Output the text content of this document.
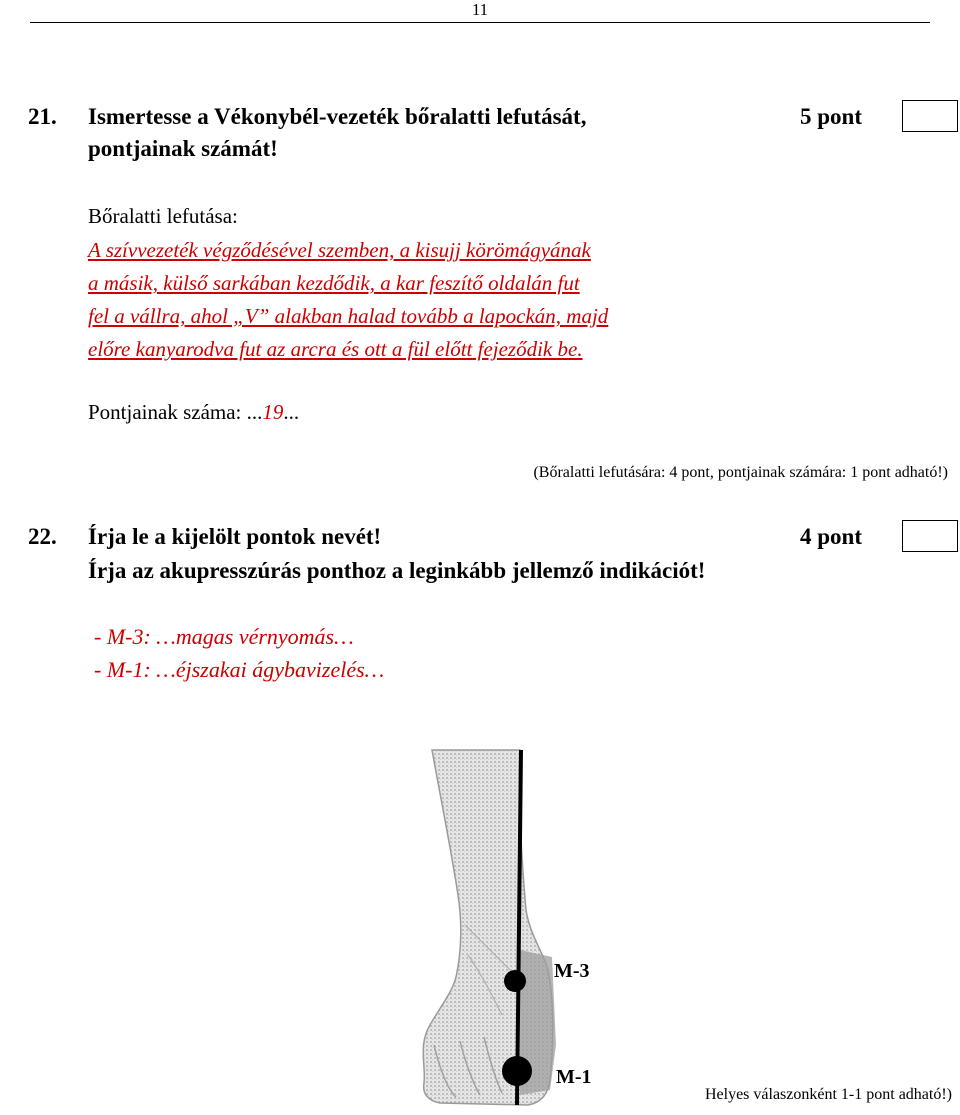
11
21. Ismertesse a Vékonybél-vezeték bőralatti lefutását,
pontjainak számát!
5 pont
Bőralatti lefutása:
A szívvezeték végződésével szemben, a kisujj körömágyának
a másik, külső sarkában kezdődik, a kar feszítő oldalán fut
fel a vállra, ahol „V” alakban halad tovább a lapockán, majd
előre kanyarodva fut az arcra és ott a fül előtt fejeződik be.
Pontjainak száma: ...19...
(Bőralatti lefutására: 4 pont, pontjainak számára: 1 pont adható!)
22. Írja le a kijelölt pontok nevét!
Írja az akupresszúrás ponthoz a leginkább jellemző indikációt!
4 pont
- M-3: …magas vérnyomás…
- M-1: …éjszakai ágybavizelés…
M-3
M-1
Helyes válaszonként 1-1 pont adható!)
